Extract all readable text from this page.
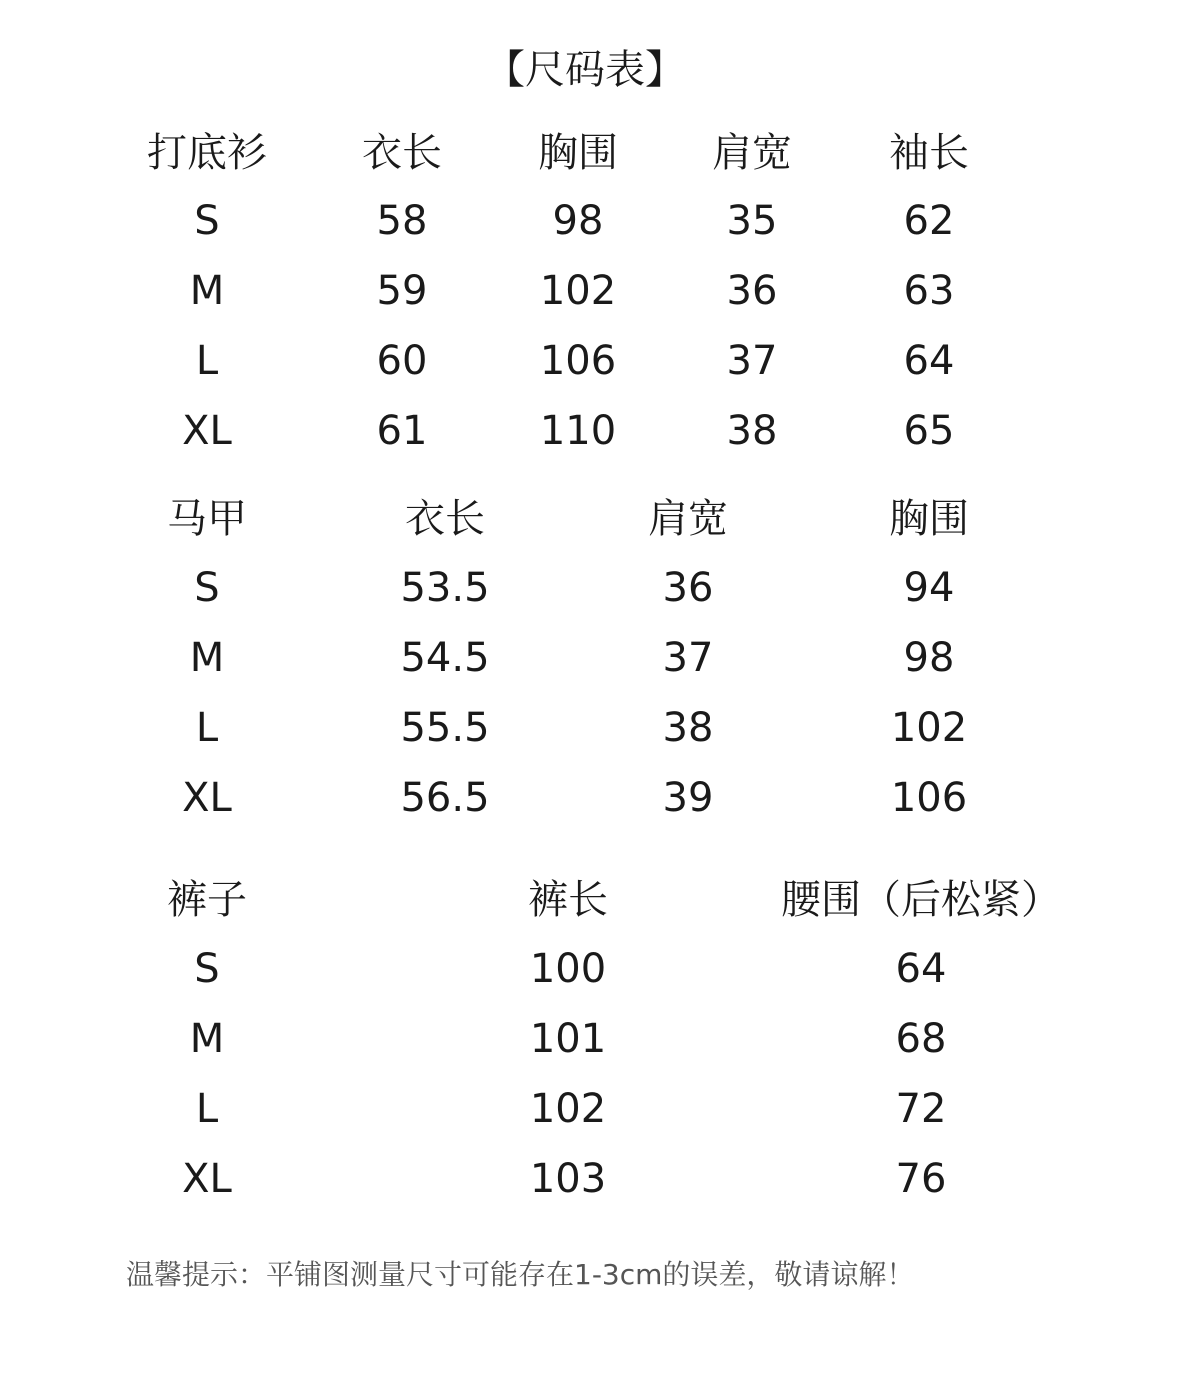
【尺码表】
打底衫 衣长 胸围 肩宽 袖长
S	58	98	35	62
M	59	102	36	63
L	60	106	37	64
XL	61	110	38	65
马甲	衣长	肩宽	胸围
S	53.5	36	94
M	54.5	37	98
L	55.5	38	102
XL	56.5	39	106
裤子	裤长	腰围（后松紧）
S	100	64
M	101	68
L	102	72
XL	103	76
温馨提示：平铺图测量尺寸可能存在1-3cm的误差，敬请谅解！
